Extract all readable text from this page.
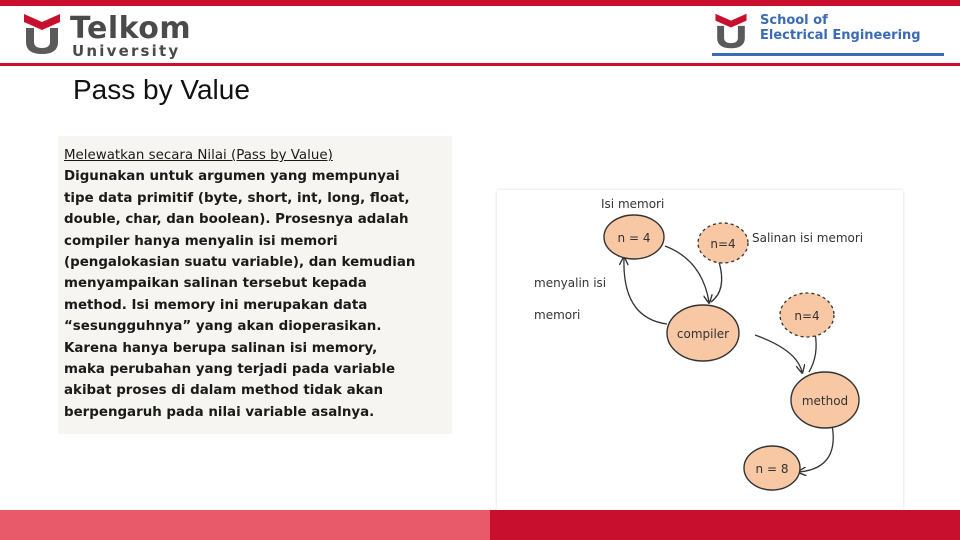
Telkom
University
School of
Electrical Engineering
Pass by Value
Melewatkan secara Nilai (Pass by Value)
Digunakan untuk argumen yang mempunyai
tipe data primitif (byte, short, int, long, float,
double, char, dan boolean). Prosesnya adalah
compiler hanya menyalin isi memori
(pengalokasian suatu variable), dan kemudian
menyampaikan salinan tersebut kepada
method. Isi memory ini merupakan data
“sesungguhnya” yang akan dioperasikan.
Karena hanya berupa salinan isi memory,
maka perubahan yang terjadi pada variable
akibat proses di dalam method tidak akan
berpengaruh pada nilai variable asalnya.
n = 4	n=4
compiler
n=4
method
n = 8
Isi memori
Salinan isi memori
menyalin isi
memori
